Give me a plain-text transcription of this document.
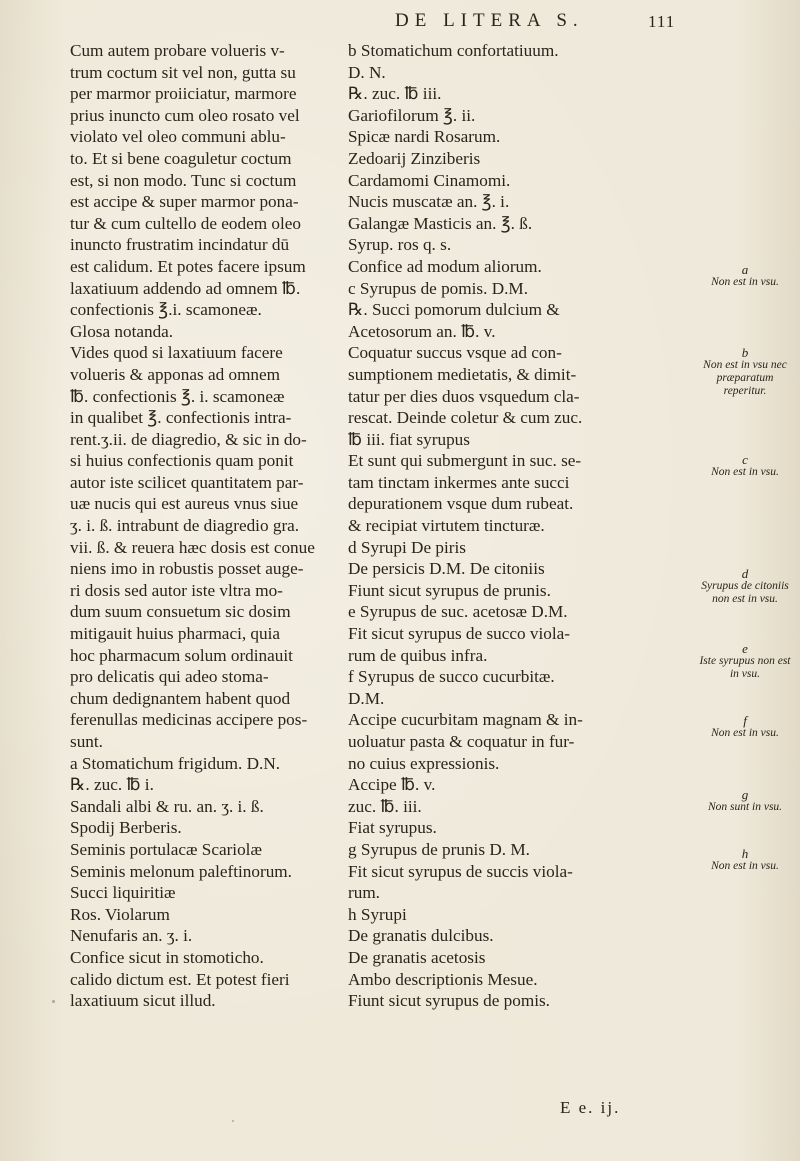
DE LITERA S.	111
Cum autem probare volueris v-
trum coctum sit vel non, gutta su
per marmor proiiciatur, marmore
prius inuncto cum oleo rosato vel
violato vel oleo communi ablu-
to. Et si bene coaguletur coctum
est, si non modo. Tunc si coctum
est accipe & super marmor pona-
tur & cum cultello de eodem oleo
inuncto frustratim incindatur dū
est calidum. Et potes facere ipsum
laxatiuum addendo ad omnem ℔.
confectionis ℥.i. scamoneæ.
Glosa notanda.
Vides quod si laxatiuum facere
volueris & apponas ad omnem
℔. confectionis ℥. i. scamoneæ
in qualibet ℥. confectionis intra-
rent.ʒ.ii. de diagredio, & sic in do-
si huius confectionis quam ponit
autor iste scilicet quantitatem par-
uæ nucis qui est aureus vnus siue
ʒ. i. ß. intrabunt de diagredio gra.
vii. ß. & reuera hæc dosis est conue
niens imo in robustis posset auge-
ri dosis sed autor iste vltra mo-
dum suum consuetum sic dosim
mitigauit huius pharmaci, quia
hoc pharmacum solum ordinauit
pro delicatis qui adeo stoma-
chum dedignantem habent quod
ferenullas medicinas accipere pos-
sunt.
a Stomatichum frigidum. D.N.
℞. zuc. ℔ i.
Sandali albi & ru. an. ʒ. i. ß.
Spodij Berberis.
Seminis portulacæ Scariolæ
Seminis melonum paleftinorum.
Succi liquiritiæ
Ros. Violarum
Nenufaris an. ʒ. i.
Confice sicut in stomoticho.
calido dictum est. Et potest fieri
laxatiuum sicut illud.
b Stomatichum confortatiuum.
D. N.
℞. zuc. ℔ iii.
Gariofilorum ℥. ii.
Spicæ nardi Rosarum.
Zedoarij Zinziberis
Cardamomi Cinamomi.
Nucis muscatæ an. ℥. i.
Galangæ Masticis an. ℥. ß.
Syrup. ros q. s.
Confice ad modum aliorum.
c Syrupus de pomis. D.M.
℞. Succi pomorum dulcium &
Acetosorum an. ℔. v.
Coquatur succus vsque ad con-
sumptionem medietatis, & dimit-
tatur per dies duos vsquedum cla-
rescat. Deinde coletur & cum zuc.
℔ iii. fiat syrupus
Et sunt qui submergunt in suc. se-
tam tinctam inkermes ante succi
depurationem vsque dum rubeat.
& recipiat virtutem tincturæ.
d Syrupi De piris
De persicis D.M. De citoniis
Fiunt sicut syrupus de prunis.
e Syrupus de suc. acetosæ D.M.
Fit sicut syrupus de succo viola-
rum de quibus infra.
f Syrupus de succo cucurbitæ.
D.M.
Accipe cucurbitam magnam & in-
uoluatur pasta & coquatur in fur-
no cuius expressionis.
Accipe ℔. v.
zuc. ℔. iii.
Fiat syrupus.
g Syrupus de prunis D. M.
Fit sicut syrupus de succis viola-
rum.
h Syrupi
De granatis dulcibus.
De granatis acetosis
Ambo descriptionis Mesue.
Fiunt sicut syrupus de pomis.
a
Non est in vsu.
b
Non est in vsu nec præparatum reperitur.
c
Non est in vsu.
d
Syrupus de citoniis non est in vsu.
e
Iste syrupus non est in vsu.
f
Non est in vsu.
g
Non sunt in vsu.
h
Non est in vsu.
E e. ij.
